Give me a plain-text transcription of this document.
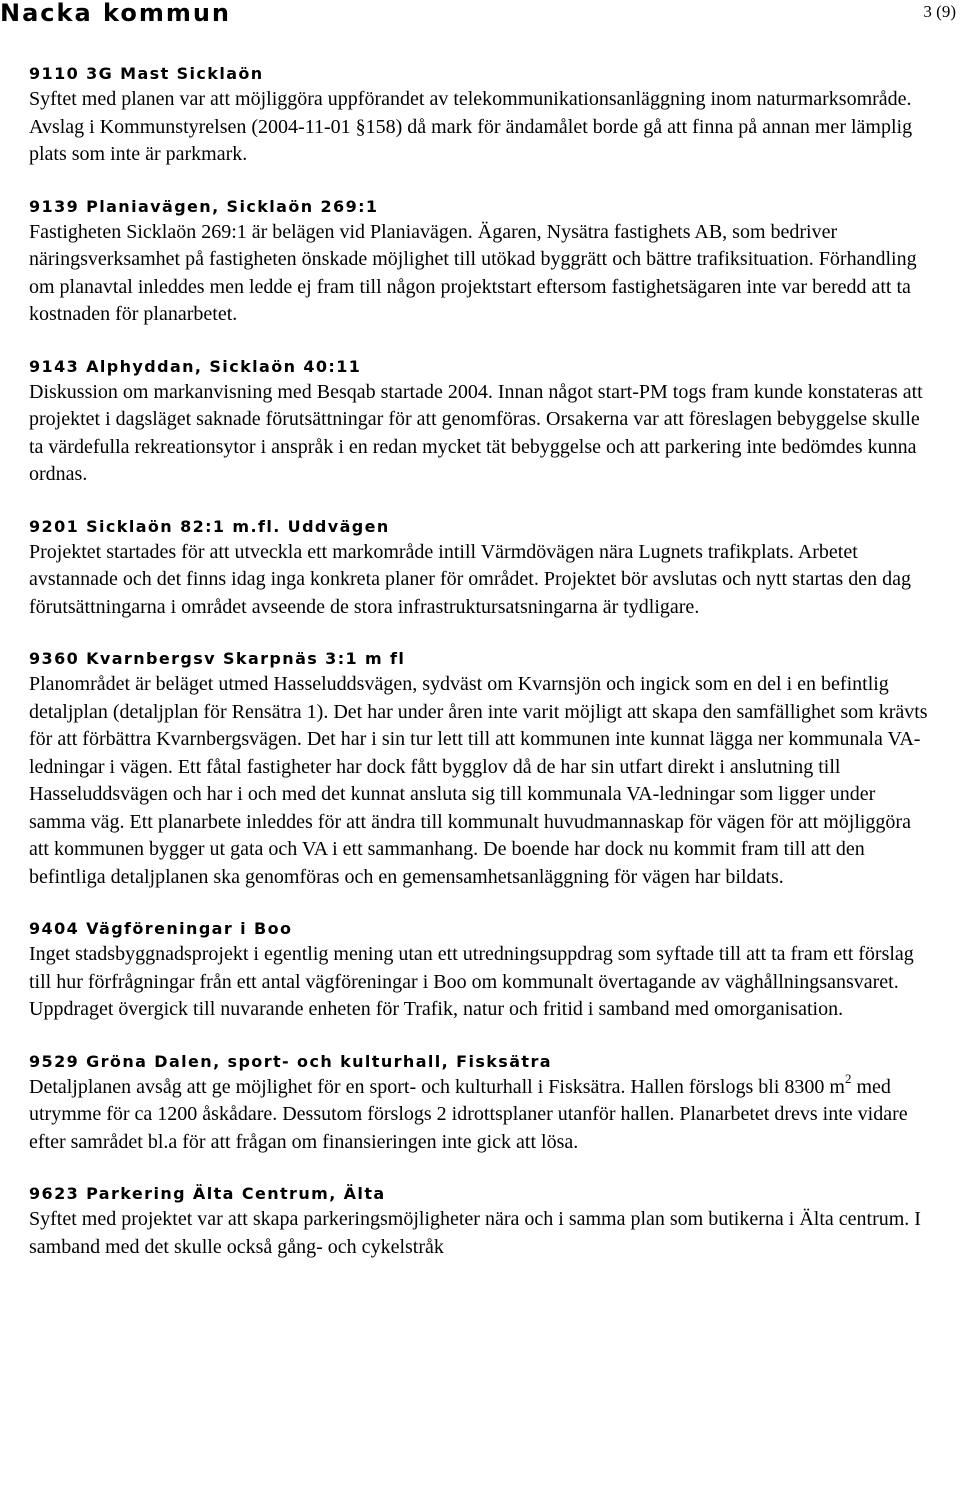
Nacka kommun	3 (9)
9110 3G Mast Sicklaön

Syftet med planen var att möjliggöra uppförandet av telekommunikationsanläggning inom naturmarksområde. Avslag i Kommunstyrelsen (2004-11-01 §158) då mark för ändamålet borde gå att finna på annan mer lämplig plats som inte är parkmark.

9139 Planiavägen, Sicklaön 269:1

Fastigheten Sicklaön 269:1 är belägen vid Planiavägen. Ägaren, Nysätra fastighets AB, som bedriver näringsverksamhet på fastigheten önskade möjlighet till utökad byggrätt och bättre trafiksituation. Förhandling om planavtal inleddes men ledde ej fram till någon projektstart eftersom fastighetsägaren inte var beredd att ta kostnaden för planarbetet.

9143 Alphyddan, Sicklaön 40:11

Diskussion om markanvisning med Besqab startade 2004. Innan något start-PM togs fram kunde konstateras att projektet i dagsläget saknade förutsättningar för att genomföras. Orsakerna var att föreslagen bebyggelse skulle ta värdefulla rekreationsytor i anspråk i en redan mycket tät bebyggelse och att parkering inte bedömdes kunna ordnas.

9201 Sicklaön 82:1 m.fl. Uddvägen

Projektet startades för att utveckla ett markområde intill Värmdövägen nära Lugnets trafikplats. Arbetet avstannade och det finns idag inga konkreta planer för området. Projektet bör avslutas och nytt startas den dag förutsättningarna i området avseende de stora infrastruktursatsningarna är tydligare.

9360 Kvarnbergsv Skarpnäs 3:1 m fl

Planområdet är beläget utmed Hasseluddsvägen, sydväst om Kvarnsjön och ingick som en del i en befintlig detaljplan (detaljplan för Rensätra 1). Det har under åren inte varit möjligt att skapa den samfällighet som krävts för att förbättra Kvarnbergsvägen. Det har i sin tur lett till att kommunen inte kunnat lägga ner kommunala VA-ledningar i vägen. Ett fåtal fastigheter har dock fått bygglov då de har sin utfart direkt i anslutning till Hasseluddsvägen och har i och med det kunnat ansluta sig till kommunala VA-ledningar som ligger under samma väg. Ett planarbete inleddes för att ändra till kommunalt huvudmannaskap för vägen för att möjliggöra att kommunen bygger ut gata och VA i ett sammanhang. De boende har dock nu kommit fram till att den befintliga detaljplanen ska genomföras och en gemensamhetsanläggning för vägen har bildats.

9404 Vägföreningar i Boo

Inget stadsbyggnadsprojekt i egentlig mening utan ett utredningsuppdrag som syftade till att ta fram ett förslag till hur förfrågningar från ett antal vägföreningar i Boo om kommunalt övertagande av väghållningsansvaret. Uppdraget övergick till nuvarande enheten för Trafik, natur och fritid i samband med omorganisation.

9529 Gröna Dalen, sport- och kulturhall, Fisksätra

Detaljplanen avsåg att ge möjlighet för en sport- och kulturhall i Fisksätra. Hallen förslogs bli 8300 $m^2$ med utrymme för ca 1200 åskådare. Dessutom förslogs 2 idrottsplaner utanför hallen. Planarbetet drevs inte vidare efter samrådet bl.a för att frågan om finansieringen inte gick att lösa.

9623 Parkering Älta Centrum, Älta

Syftet med projektet var att skapa parkeringsmöjligheter nära och i samma plan som butikerna i Älta centrum. I samband med det skulle också gång- och cykelstråk
